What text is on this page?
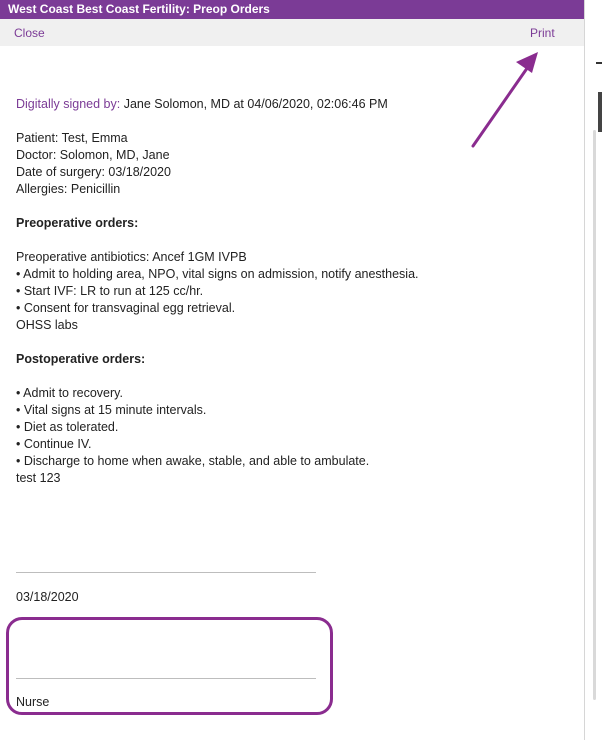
West Coast Best Coast Fertility: Preop Orders
Close	Print
Digitally signed by: Jane Solomon, MD at 04/06/2020, 02:06:46 PM
Patient: Test, Emma
Doctor: Solomon, MD, Jane
Date of surgery: 03/18/2020
Allergies: Penicillin
Preoperative orders:
Preoperative antibiotics: Ancef 1GM IVPB
• Admit to holding area, NPO, vital signs on admission, notify anesthesia.
• Start IVF: LR to run at 125 cc/hr.
• Consent for transvaginal egg retrieval.
OHSS labs
Postoperative orders:
• Admit to recovery.
• Vital signs at 15 minute intervals.
• Diet as tolerated.
• Continue IV.
• Discharge to home when awake, stable, and able to ambulate.
test 123
03/18/2020
Nurse
